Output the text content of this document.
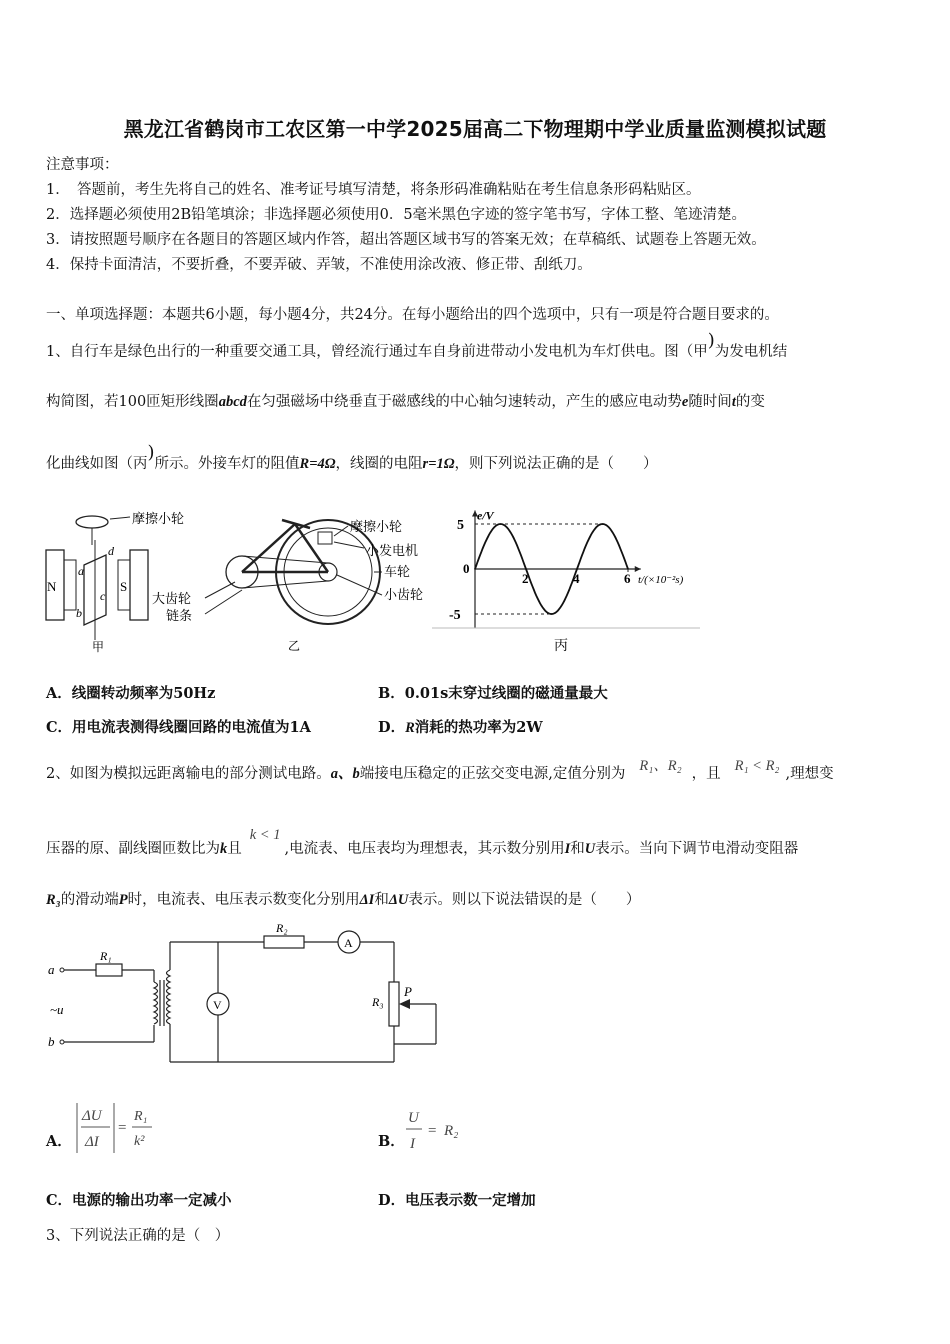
黑龙江省鹤岗市工农区第一中学2025届高二下物理期中学业质量监测模拟试题
注意事项：
1．　答题前，考生先将自己的姓名、准考证号填写清楚，将条形码准确粘贴在考生信息条形码粘贴区。
2．选择题必须使用2B铅笔填涂；非选择题必须使用0．5毫米黑色字迹的签字笔书写，字体工整、笔迹清楚。
3．请按照题号顺序在各题目的答题区域内作答，超出答题区域书写的答案无效；在草稿纸、试题卷上答题无效。
4．保持卡面清洁，不要折叠，不要弄破、弄皱，不准使用涂改液、修正带、刮纸刀。
一、单项选择题：本题共6小题，每小题4分，共24分。在每小题给出的四个选项中，只有一项是符合题目要求的。
1、自行车是绿色出行的一种重要交通工具，曾经流行通过车自身前进带动小发电机为车灯供电。图（甲)为发电机结
构简图，若100匝矩形线圈abcd在匀强磁场中绕垂直于磁感线的中心轴匀速转动，产生的感应电动势e随时间t的变
化曲线如图（丙)所示。外接车灯的阻值R=4Ω，线圈的电阻r=1Ω，则下列说法正确的是（　　）
摩擦小轮
N	S
a
d
c
b
甲
摩擦小轮
小发电机
车轮
小齿轮
大齿轮
链条
乙
5
-5
0
2	4	6
e/V
t/(×10⁻²s)
丙
A．线圈转动频率为50Hz	B．0.01s末穿过线圈的磁通量最大
C．用电流表测得线圈回路的电流值为1A	D．R消耗的热功率为2W
2、如图为模拟远距离输电的部分测试电路。a、b端接电压稳定的正弦交变电源,定值分别为 R₁、R₂ ，且 R₁ < R₂ ,理想变
压器的原、副线圈匝数比为k且k < 1,电流表、电压表均为理想表，其示数分别用I和U表示。当向下调节电滑动变阻器
R₃的滑动端P时，电流表、电压表示数变化分别用ΔI和ΔU表示。则以下说法错误的是（　　）
a
b
~u
R₁
R₂
R₃
A
V
P
A．
ΔU
ΔI
=
R₁
k²	B．
U
I
= R₂
C．电源的输出功率一定减小	D．电压表示数一定增加
3、下列说法正确的是（　）
